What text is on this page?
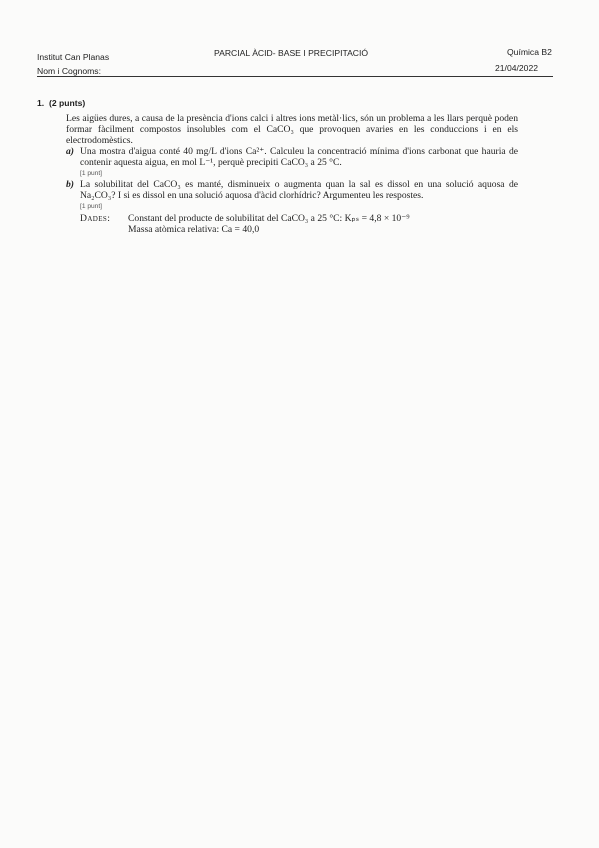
Institut Can Planas
Nom i Cognoms:
PARCIAL ÀCID- BASE I PRECIPITACIÓ	Química B2
21/04/2022
1. (2 punts)

Les aigües dures, a causa de la presència d'ions calci i altres ions metàl·lics, són un problema a les llars perquè poden formar fàcilment compostos insolubles com el CaCO₃ que provoquen avaries en les conduccions i en els electrodomèstics.

a) Una mostra d'aigua conté 40 mg/L d'ions Ca²⁺. Calculeu la concentració mínima d'ions carbonat que hauria de contenir aquesta aigua, en mol L⁻¹, perquè precipiti CaCO₃ a 25 °C.
[1 punt]
b) La solubilitat del CaCO₃ es manté, disminueix o augmenta quan la sal es dissol en una solució aquosa de Na₂CO₃? I si es dissol en una solució aquosa d'àcid clorhídric? Argumenteu les respostes.
[1 punt]
Dades:	Constant del producte de solubilitat del CaCO₃ a 25 °C: Kₚₛ = 4,8 × 10⁻⁹
Massa atòmica relativa: Ca = 40,0
